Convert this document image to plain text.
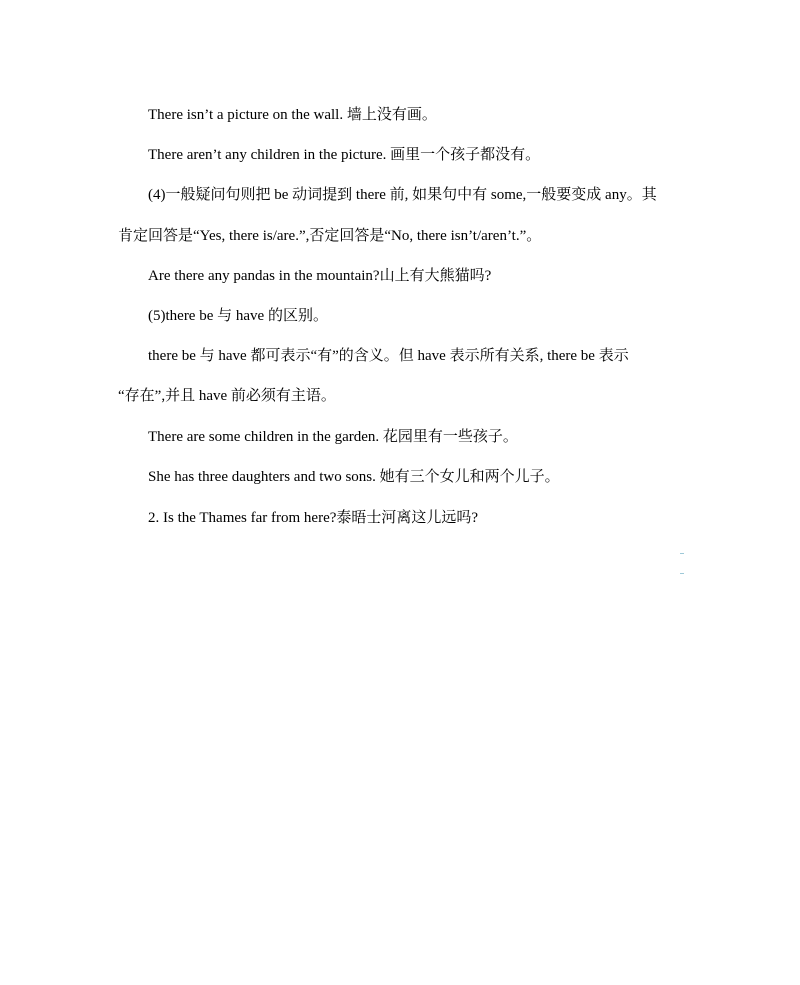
There isn’t a picture on the wall. 墙上没有画。
There aren’t any children in the picture. 画里一个孩子都没有。
(4)一般疑问句则把 be 动词提到 there 前, 如果句中有 some,一般要变成 any。其
肯定回答是“Yes, there is/are.”,否定回答是“No, there isn’t/aren’t.”。
Are there any pandas in the mountain?山上有大熊猫吗?
(5)there be 与 have 的区别。
there be 与 have 都可表示“有”的含义。但 have 表示所有关系, there be 表示
“存在”,并且 have 前必须有主语。
There are some children in the garden. 花园里有一些孩子。
She has three daughters and two sons. 她有三个女儿和两个儿子。
2. Is the Thames far from here?泰晤士河离这儿远吗?
